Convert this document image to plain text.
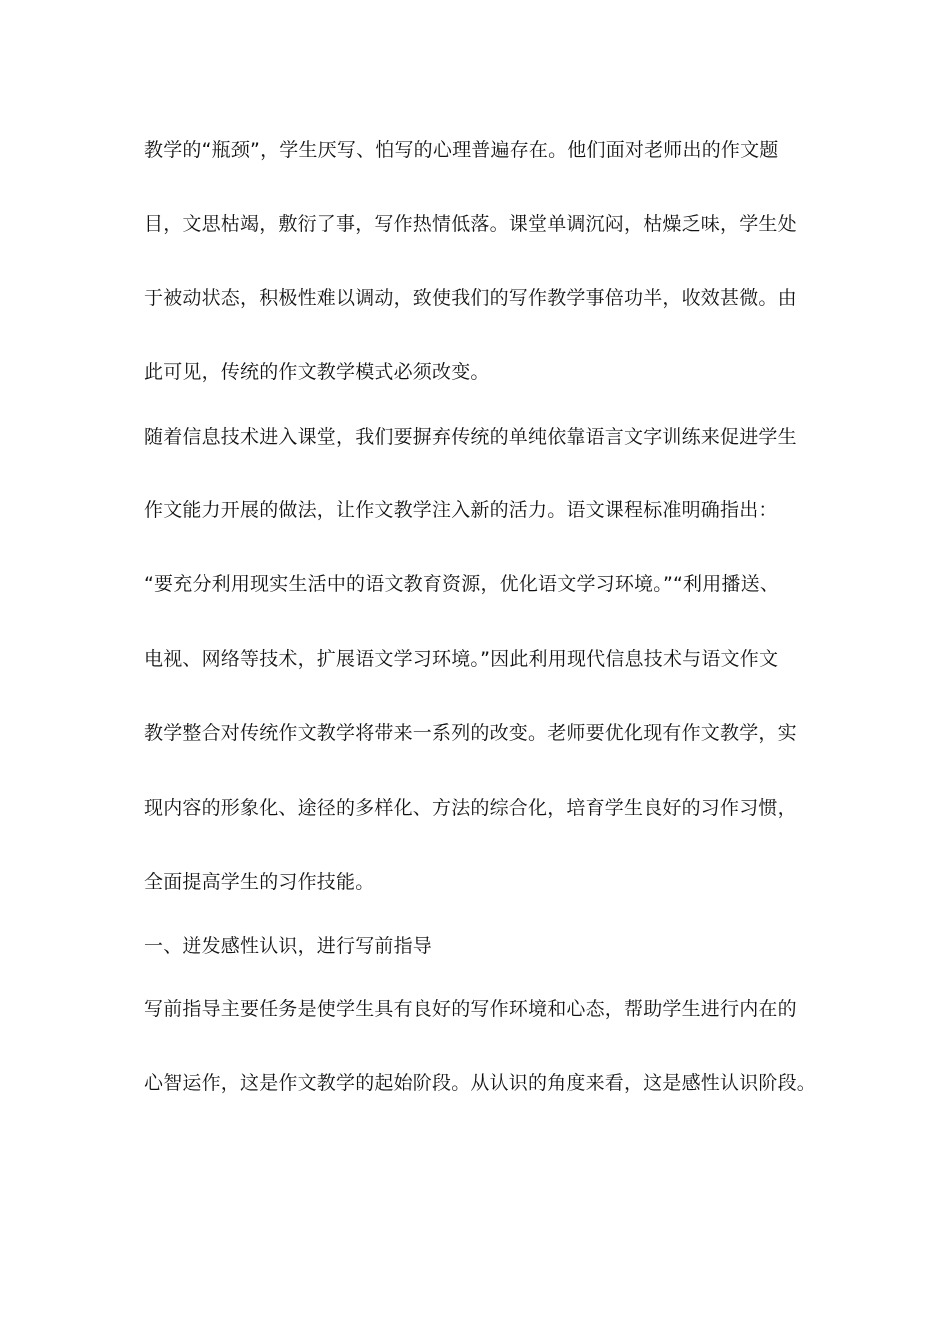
教学的“瓶颈”，学生厌写、怕写的心理普遍存在。他们面对老师出的作文题
目，文思枯竭，敷衍了事，写作热情低落。课堂单调沉闷，枯燥乏味，学生处
于被动状态，积极性难以调动，致使我们的写作教学事倍功半，收效甚微。由
此可见，传统的作文教学模式必须改变。
随着信息技术进入课堂，我们要摒弃传统的单纯依靠语言文字训练来促进学生
作文能力开展的做法，让作文教学注入新的活力。语文课程标准明确指出：
“要充分利用现实生活中的语文教育资源，优化语文学习环境。”“利用播送、
电视、网络等技术，扩展语文学习环境。”因此利用现代信息技术与语文作文
教学整合对传统作文教学将带来一系列的改变。老师要优化现有作文教学，实
现内容的形象化、途径的多样化、方法的综合化，培育学生良好的习作习惯，
全面提高学生的习作技能。
一、迸发感性认识，进行写前指导
写前指导主要任务是使学生具有良好的写作环境和心态，帮助学生进行内在的
心智运作，这是作文教学的起始阶段。从认识的角度来看，这是感性认识阶段。
